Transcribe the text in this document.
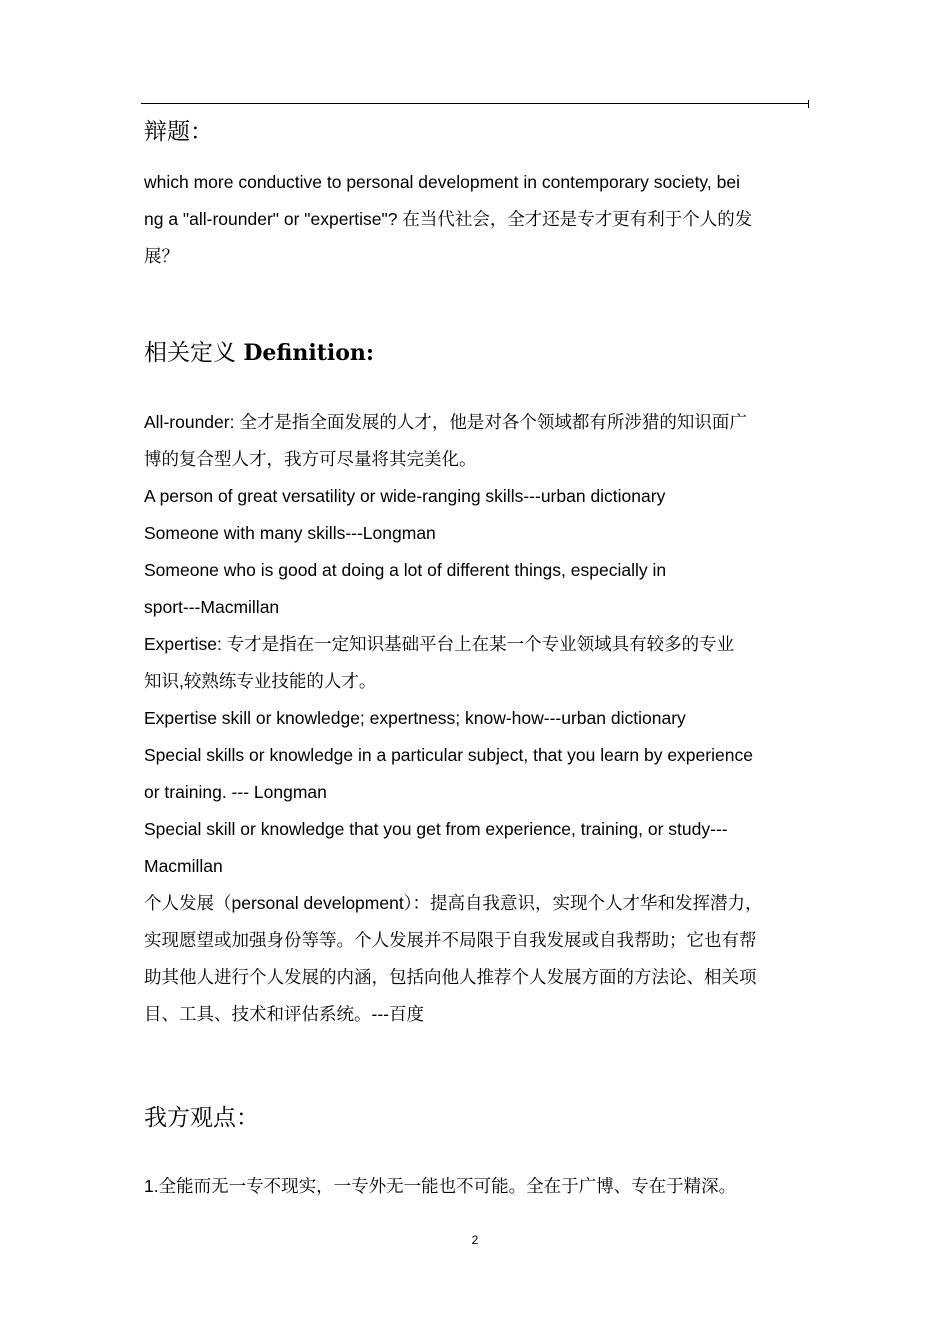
辩题：
which more conductive to personal development in contemporary society, bei
ng a "all-rounder" or "expertise"? 在当代社会，全才还是专才更有利于个人的发
展？
相关定义 Definition:
All-rounder: 全才是指全面发展的人才，他是对各个领域都有所涉猎的知识面广
博的复合型人才，我方可尽量将其完美化。
A person of great versatility or wide-ranging skills---urban dictionary
Someone with many skills---Longman
Someone who is good at doing a lot of different things, especially in
sport---Macmillan
Expertise: 专才是指在一定知识基础平台上在某一个专业领域具有较多的专业
知识,较熟练专业技能的人才。
Expertise skill or knowledge; expertness; know-how---urban dictionary
Special skills or knowledge in a particular subject, that you learn by experience
or training. --- Longman
Special skill or knowledge that you get from experience, training, or study---
Macmillan
个人发展（personal development）：提高自我意识，实现个人才华和发挥潜力，
实现愿望或加强身份等等。个人发展并不局限于自我发展或自我帮助；它也有帮
助其他人进行个人发展的内涵，包括向他人推荐个人发展方面的方法论、相关项
目、工具、技术和评估系统。---百度
我方观点：
1.全能而无一专不现实，一专外无一能也不可能。全在于广博、专在于精深。
2
